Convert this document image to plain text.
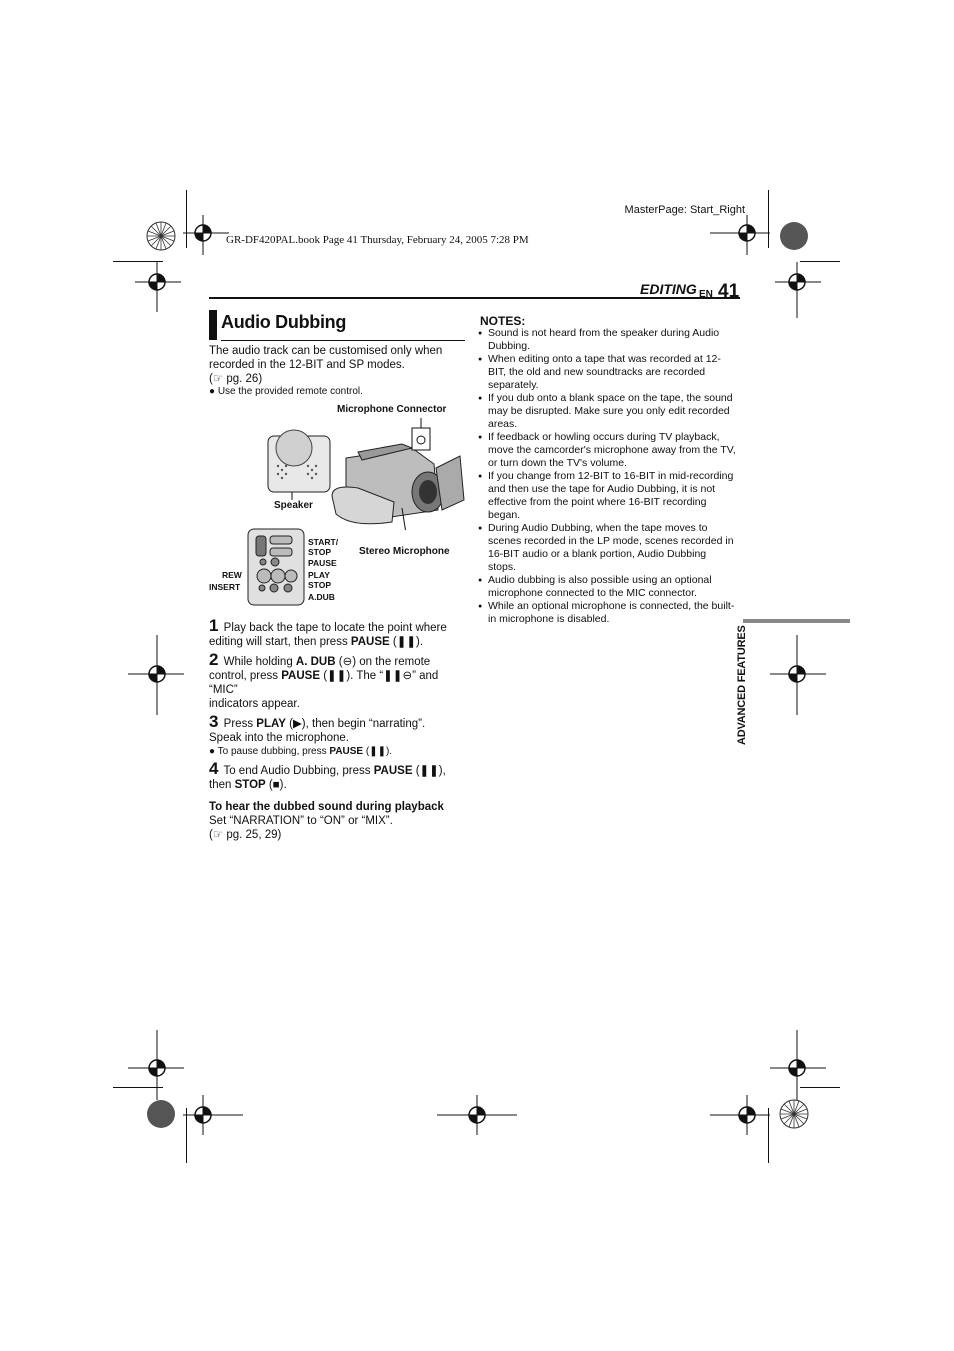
MasterPage: Start_Right
GR-DF420PAL.book Page 41 Thursday, February 24, 2005 7:28 PM
EDITING EN 41
Audio Dubbing
The audio track can be customised only when
recorded in the 12-BIT and SP modes.
(☞ pg. 26)
● Use the provided remote control.
Microphone Connector
Speaker
Stereo Microphone
START/
STOP
PAUSE
PLAY
STOP
A.DUB
REW
INSERT
1 Play back the tape to locate the point where
editing will start, then press PAUSE (❚❚).
2 While holding A. DUB (⊖) on the remote
control, press PAUSE (❚❚). The “❚❚⊖” and “MIC”
indicators appear.
3 Press PLAY (▶), then begin “narrating”.
Speak into the microphone.
● To pause dubbing, press PAUSE (❚❚).
4 To end Audio Dubbing, press PAUSE (❚❚),
then STOP (■).
To hear the dubbed sound during playback
Set “NARRATION” to “ON” or “MIX”.
(☞ pg. 25, 29)
NOTES:
● Sound is not heard from the speaker during Audio Dubbing.
● When editing onto a tape that was recorded at 12-BIT, the old and new soundtracks are recorded separately.
● If you dub onto a blank space on the tape, the sound may be disrupted. Make sure you only edit recorded areas.
● If feedback or howling occurs during TV playback, move the camcorder's microphone away from the TV, or turn down the TV's volume.
● If you change from 12-BIT to 16-BIT in mid-recording and then use the tape for Audio Dubbing, it is not effective from the point where 16-BIT recording began.
● During Audio Dubbing, when the tape moves to scenes recorded in the LP mode, scenes recorded in 16-BIT audio or a blank portion, Audio Dubbing stops.
● Audio dubbing is also possible using an optional microphone connected to the MIC connector.
● While an optional microphone is connected, the built-in microphone is disabled.
ADVANCED FEATURES
